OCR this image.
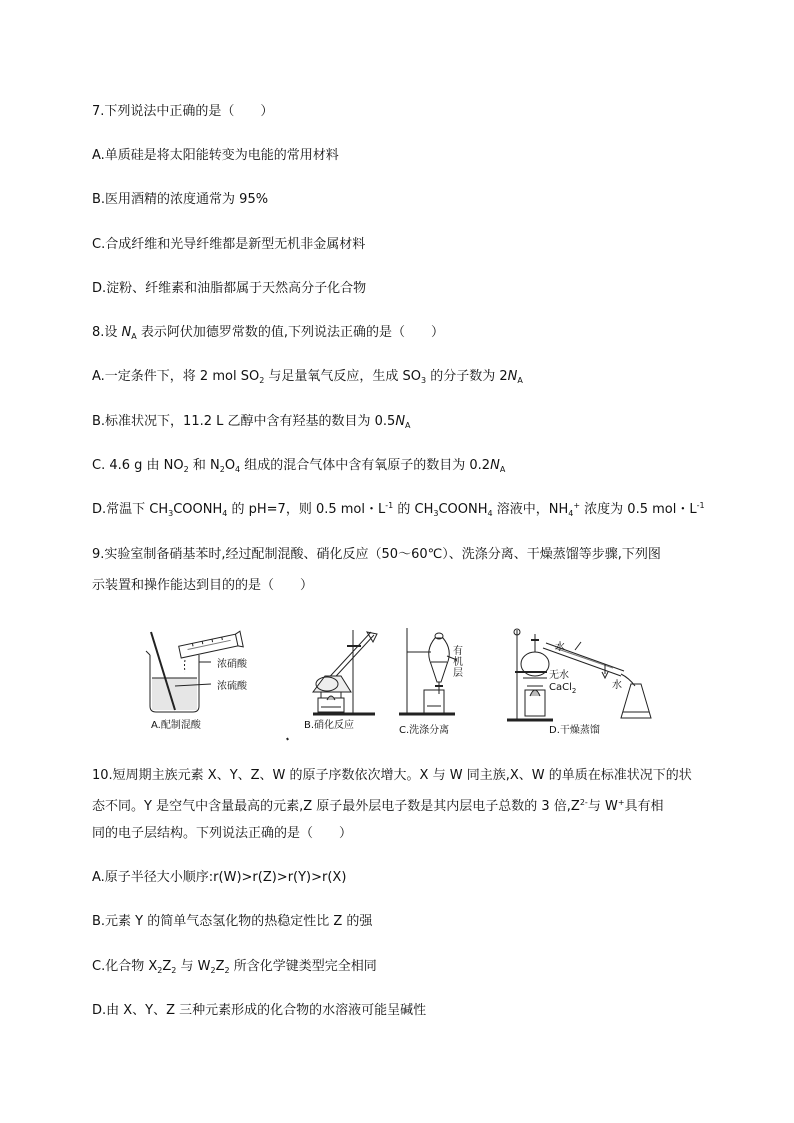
7.下列说法中正确的是（　　）
A.单质硅是将太阳能转变为电能的常用材料
B.医用酒精的浓度通常为 95%
C.合成纤维和光导纤维都是新型无机非金属材料
D.淀粉、纤维素和油脂都属于天然高分子化合物
8.设 $N_A$ 表示阿伏加德罗常数的值,下列说法正确的是（　　）
A.一定条件下，将 2 mol $SO_2$ 与足量氧气反应，生成 $SO_3$ 的分子数为 $2N_A$
B.标准状况下，11.2 L 乙醇中含有羟基的数目为 $0.5N_A$
C. 4.6 g 由 $NO_2$ 和 $N_2O_4$ 组成的混合气体中含有氧原子的数目为 $0.2N_A$
D.常温下 $CH_3COONH_4$ 的 pH=7，则 0.5 mol・$L^{-1}$ 的 $CH_3COONH_4$ 溶液中，$NH_4^+$ 浓度为 0.5 mol・$L^{-1}$
9.实验室制备硝基苯时,经过配制混酸、硝化反应（50～60℃）、洗涤分离、干燥蒸馏等步骤,下列图
示装置和操作能达到目的的是（　　）
浓硝酸
浓硫酸
A.配制混酸	B.硝化反应
有
机
层
C.洗涤分离
水
无水
CaCl$_2$	水
D.干燥蒸馏
10.短周期主族元素 X、Y、Z、W 的原子序数依次增大。X 与 W 同主族,X、W 的单质在标准状况下的状
态不同。Y 是空气中含量最高的元素,Z 原子最外层电子数是其内层电子总数的 3 倍$,Z^{2-}$与 W+具有相
同的电子层结构。下列说法正确的是（　　）
A.原子半径大小顺序:r(W)>r(Z)>r(Y)>r(X)
B.元素 Y 的简单气态氢化物的热稳定性比 Z 的强
C.化合物 $X_2Z_2$ 与 $W_2Z_2$ 所含化学键类型完全相同
D.由 X、Y、Z 三种元素形成的化合物的水溶液可能呈碱性
